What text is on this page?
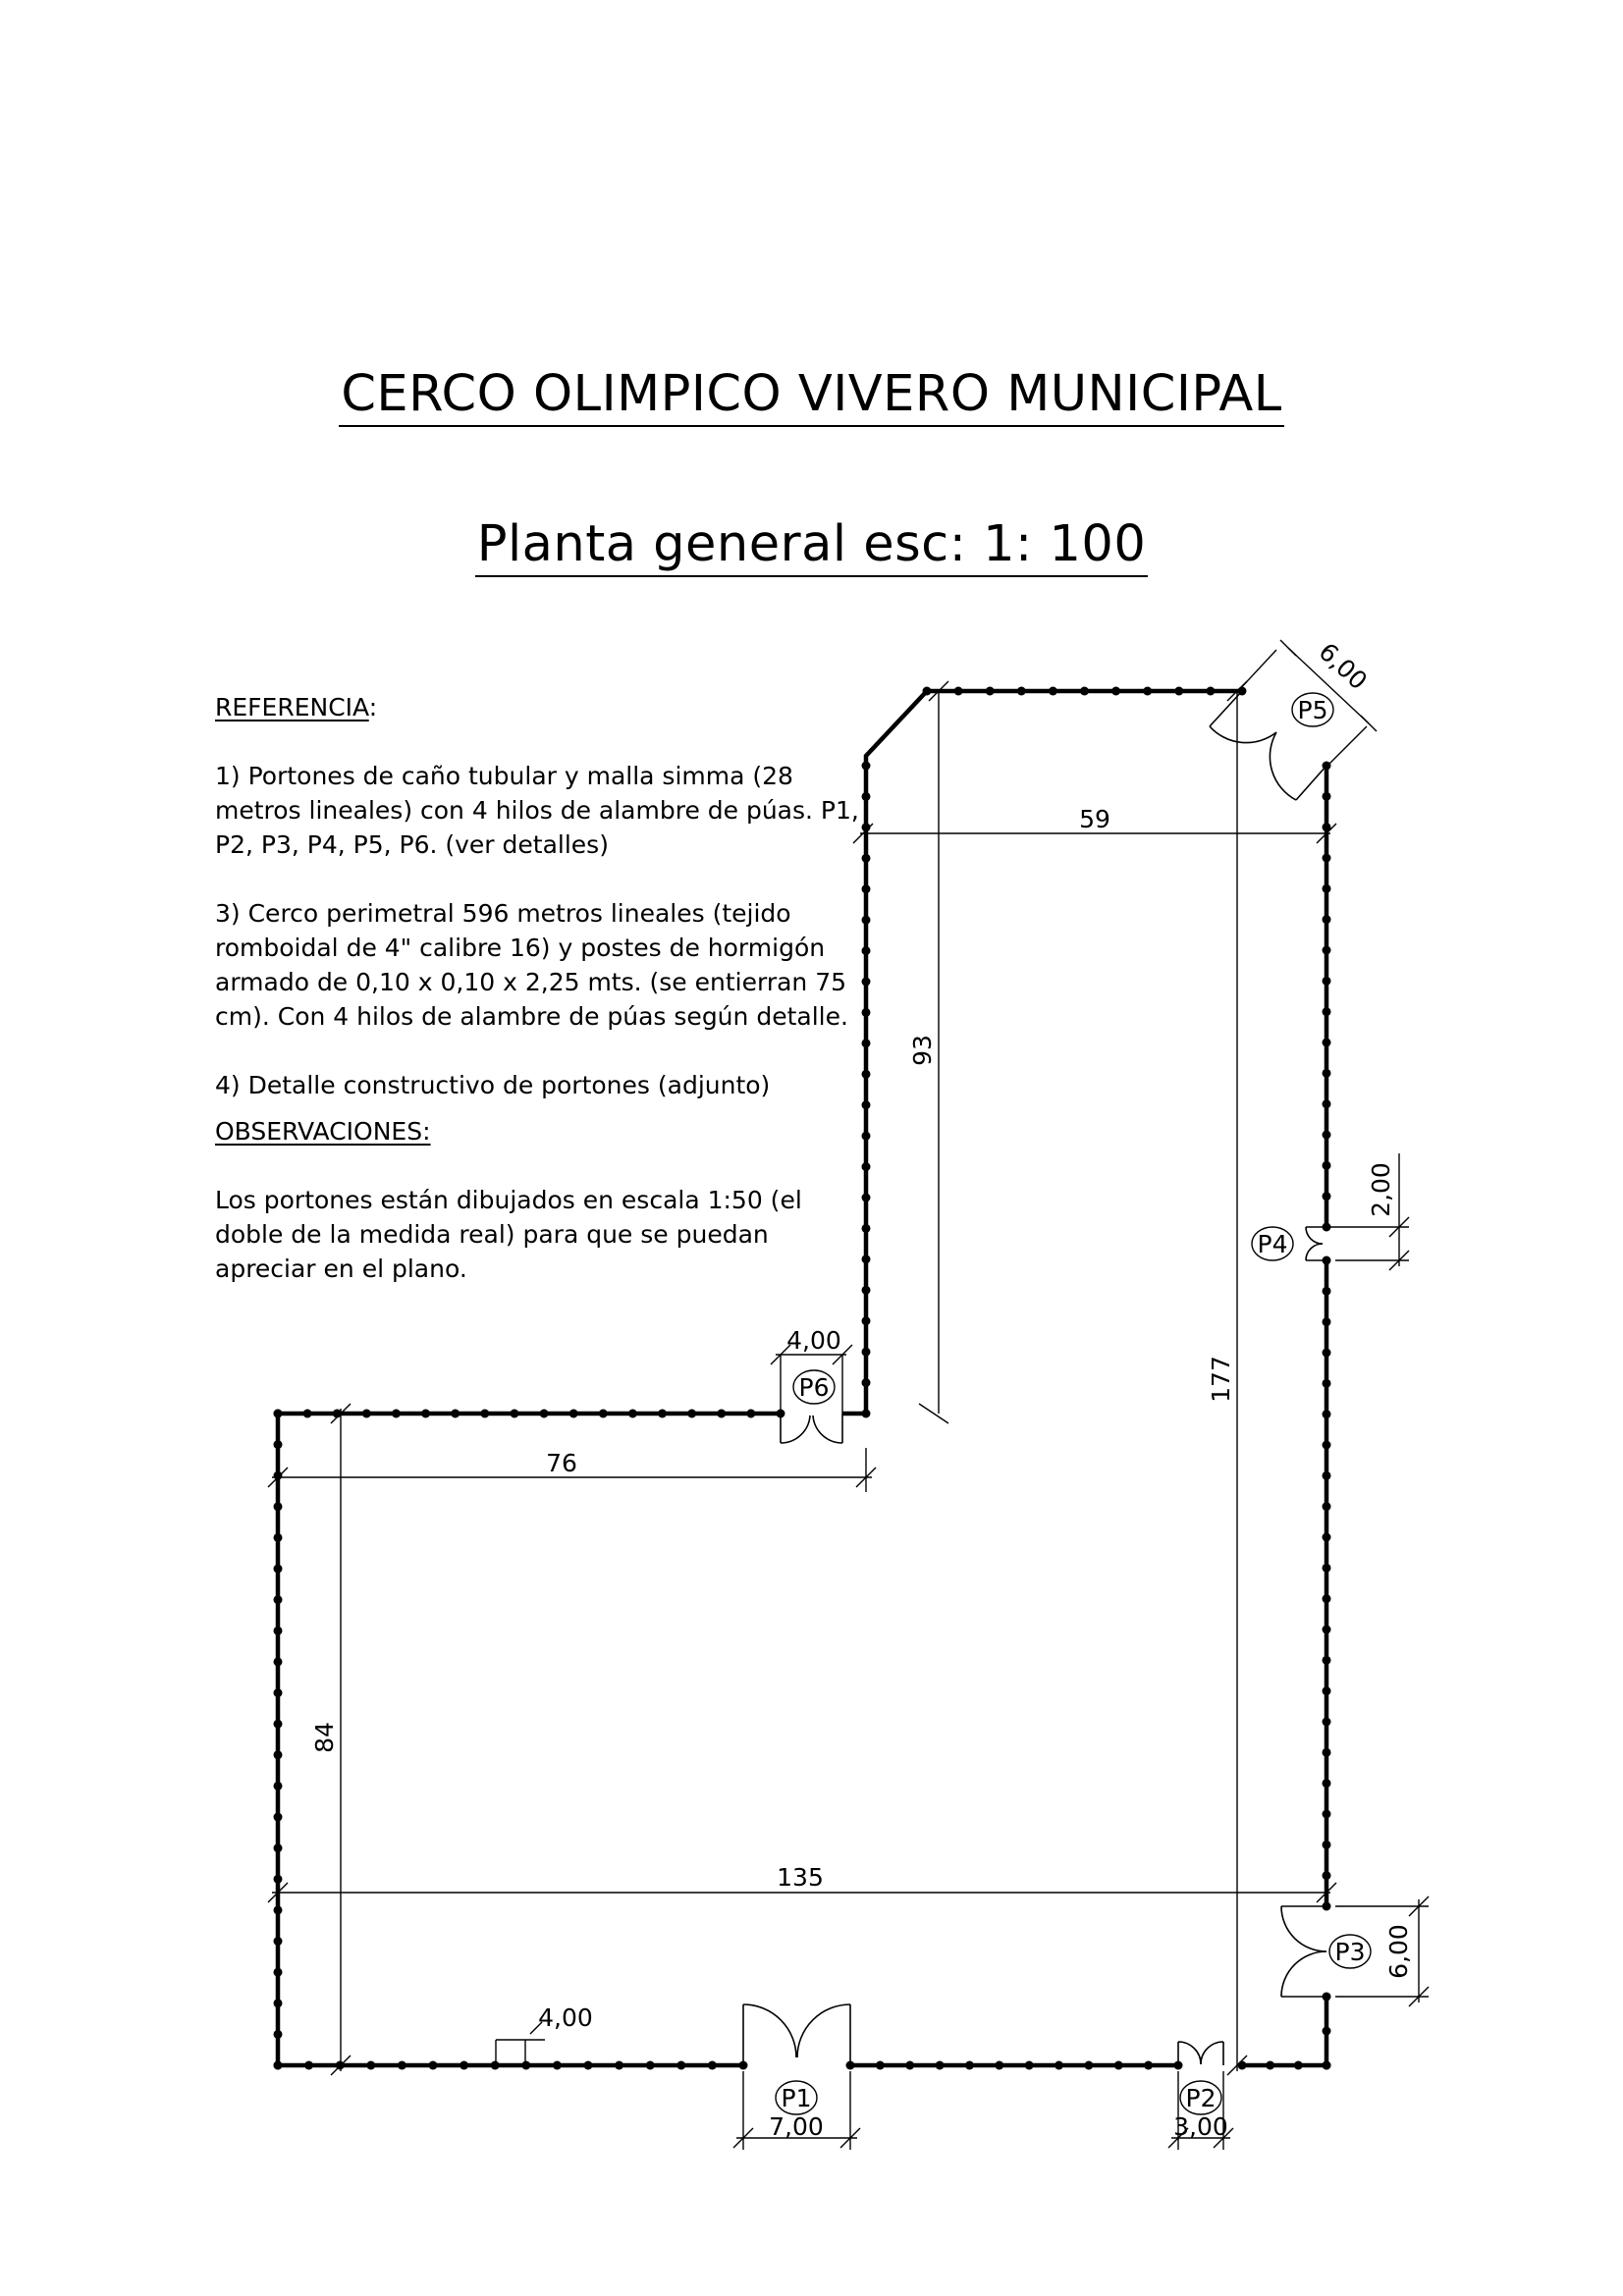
CERCO OLIMPICO VIVERO MUNICIPAL
Planta general esc: 1: 100

REFERENCIA:

1) Portones de caño tubular y malla simma (28 metros lineales) con 4 hilos de alambre de púas. P1, P2, P3, P4, P5, P6. (ver detalles)

3) Cerco perimetral 596 metros lineales (tejido romboidal de 4" calibre 16) y postes de hormigón armado de 0,10 x 0,10 x 2,25 mts. (se entierran 75 cm). Con 4 hilos de alambre de púas según detalle.

4) Detalle constructivo de portones (adjunto)

OBSERVACIONES:

Los portones están dibujados en escala 1:50 (el doble de la medida real) para que se puedan apreciar en el plano.

P1	P2
P3
P4
P5
P6
7,00	3,00
6,00
2,00
6,00
4,00
59
93
177
76
84
135
4,00
